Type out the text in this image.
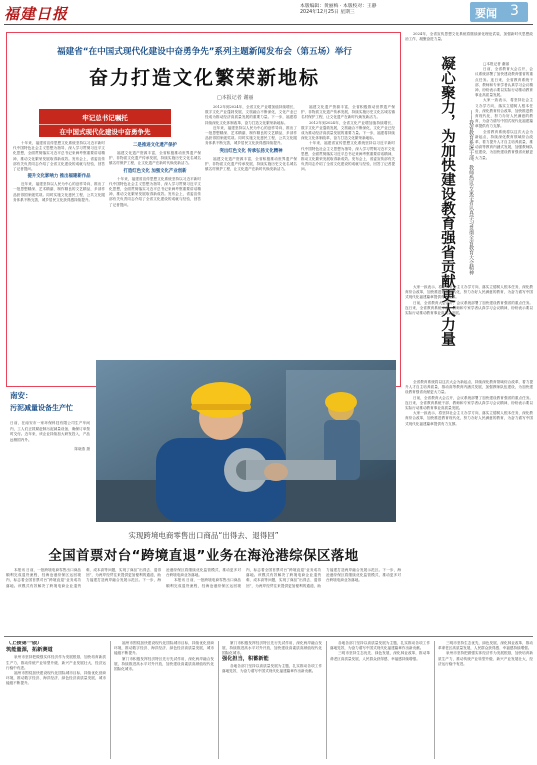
福建日报	本版编辑：黄丽梅 · 本版校对：王静
2024年12月25日 星期三	要闻 3
福建省“在中国式现代化建设中奋勇争先”系列主题新闻发布会（第五场）举行
奋力打造文化繁荣新地标
□本报记者 谢丽
牢记总书记嘱托
在中国式现代化建设中奋勇争先

十年来，福建省宣传思想文化系统坚持以习近平新时代中国特色社会主义思想为指导，深入学习贯彻习近平文化思想，全面贯彻落实习近平总书记来闽考察重要讲话精神，推动文化繁荣发展取得新成效。发布会上，省委宣传部有关负责同志介绍了全省文化建设的成就与经验，回答了记者提问。

提升文化影响力 推出福建新作品

近年来，福建坚持以人民为中心的创作导向，推出了一批思想精深、艺术精湛、制作精良的文艺精品，多部作品获得国家级奖项。同时实施文化惠民工程，公共文化服务体系不断完善，城乡居民文化获得感持续提升。

二是推进文化遗产保护

福建文化遗产资源丰富，全省积极推动世界遗产保护、非物质文化遗产传承发展，持续实施历史文化名城名镇名村保护工程，让文化遗产在新时代焕发新活力。

打造红色文化 加强文化产业创新

十年来，福建省宣传思想文化系统坚持以习近平新时代中国特色社会主义思想为指导，深入学习贯彻习近平文化思想，全面贯彻落实习近平总书记来闽考察重要讲话精神，推动文化繁荣发展取得新成效。发布会上，省委宣传部有关负责同志介绍了全省文化建设的成就与经验，回答了记者提问。

2012年到2024年，全省文化产业增加值持续增长，数字文化产业蓬勃发展，文旅融合不断深化，文化产业已经成为推动经济高质量发展的重要力量。下一步，福建将持续深化文化体制改革，奋力打造文化繁荣新地标。

近年来，福建坚持以人民为中心的创作导向，推出了一批思想精深、艺术精湛、制作精良的文艺精品，多部作品获得国家级奖项。同时实施文化惠民工程，公共文化服务体系不断完善，城乡居民文化获得感持续提升。

突出红色文化 传承弘扬文化精神

福建文化遗产资源丰富，全省积极推动世界遗产保护、非物质文化遗产传承发展，持续实施历史文化名城名镇名村保护工程，让文化遗产在新时代焕发新活力。

福建文化遗产资源丰富，全省积极推动世界遗产保护、非物质文化遗产传承发展，持续实施历史文化名城名镇名村保护工程，让文化遗产在新时代焕发新活力。

2012年到2024年，全省文化产业增加值持续增长，数字文化产业蓬勃发展，文旅融合不断深化，文化产业已经成为推动经济高质量发展的重要力量。下一步，福建将持续深化文化体制改革，奋力打造文化繁荣新地标。

十年来，福建省宣传思想文化系统坚持以习近平新时代中国特色社会主义思想为指导，深入学习贯彻习近平文化思想，全面贯彻落实习近平总书记来闽考察重要讲话精神，推动文化繁荣发展取得新成效。发布会上，省委宣传部有关负责同志介绍了全省文化建设的成就与经验，回答了记者提问。

2024年，全省宣传思想文化系统将继续深化理论武装，加强新时代思想政治工作，凝聚奋进力量。

凝心聚力，为加快建设教育强省贡献更大力量	——我省教育系统干部、教师热议专家学者认真学习贯彻全省教育大会精神

□本报记者 谢丽

日前，全省教育大会召开，会议系统部署了加快建设教育强省的重点任务。连日来，全省教育系统干部、教师和专家学者认真学习会议精神，纷纷表示要以实际行动推动教育事业高质量发展。

大家一致表示，将坚持社会主义办学方向，落实立德树人根本任务，深化教育综合改革，加快推进教育现代化，努力办好人民满意的教育，为奋力谱写中国式现代化福建篇章提供有力支撑。

全省教育系统将以这次大会为新起点，持续深化教育领域综合改革，着力提升人才自主培养质量，推动高等教育内涵式发展，加强教师队伍建设，为加快建设教育强省贡献更大力量。

大家一致表示，将坚持社会主义办学方向，落实立德树人根本任务，深化教育综合改革，加快推进教育现代化，努力办好人民满意的教育，为奋力谱写中国式现代化福建篇章提供有力支撑。

日前，全省教育大会召开，会议系统部署了加快建设教育强省的重点任务。连日来，全省教育系统干部、教师和专家学者认真学习会议精神，纷纷表示要以实际行动推动教育事业高质量发展。

全省教育系统将以这次大会为新起点，持续深化教育领域综合改革，着力提升人才自主培养质量，推动高等教育内涵式发展，加强教师队伍建设，为加快建设教育强省贡献更大力量。

日前，全省教育大会召开，会议系统部署了加快建设教育强省的重点任务。连日来，全省教育系统干部、教师和专家学者认真学习会议精神，纷纷表示要以实际行动推动教育事业高质量发展。

大家一致表示，将坚持社会主义办学方向，落实立德树人根本任务，深化教育综合改革，加快推进教育现代化，努力办好人民满意的教育，为奋力谱写中国式现代化福建篇章提供有力支撑。

南安：
污泥减量设备生产忙
日前，在南安市一家环保科技有限公司生产车间内，工人们正抓紧赶制污泥减量设备，确保订单按时交付。近年来，该企业持续加大研发投入，产品远销国内外。
陈晓燕 摄
实现跨境电商零售出口商品“出得去、退得回”
全国首票对台“跨境直退”业务在海沧港综保区落地

本报讯 日前，一批跨境电商零售出口商品顺利完成退货流程，经海沧港综保区运回境内，标志着全国首票对台“跨境直退”业务成功落地。该模式有效解决了跨境电商企业退货难、成本高等问题，实现了商品“出得去、退得回”，为两岸经贸往来提供更加便利的通道，助力福建打造两岸融合发展示范区。下一步，海沧港综保区将继续优化监管模式，推动更多对台跨境电商业务落地。

本报讯 日前，一批跨境电商零售出口商品顺利完成退货流程，经海沧港综保区运回境内，标志着全国首票对台“跨境直退”业务成功落地。该模式有效解决了跨境电商企业退货难、成本高等问题，实现了商品“出得去、退得回”，为两岸经贸往来提供更加便利的通道，助力福建打造两岸融合发展示范区。下一步，海沧港综保区将继续优化监管模式，推动更多对台跨境电商业务落地。

（上接第一版）
筑能量源，拓新赛道

泉州市坚持把做强实体经济作为发展根基，加快培育新质生产力，推动传统产业转型升级、新兴产业发展壮大，经济运行稳中有进。

福州市围绕加快建设现代化国际城市目标，持续优化营商环境，推动数字经济、海洋经济、绿色经济高质量发展，城市能级不断提升。

福州市围绕加快建设现代化国际城市目标，持续优化营商环境，推动数字经济、海洋经济、绿色经济高质量发展，城市能级不断提升。

厦门市积极发挥经济特区先行先试作用，深化两岸融合发展，持续推进高水平对外开放，加快建设高素质高颜值现代化国际化城市。

厦门市积极发挥经济特区先行先试作用，深化两岸融合发展，持续推进高水平对外开放，加快建设高素质高颜值现代化国际化城市。

强化担当，积蓄新能

各地各部门坚持以高质量发展为主题，扎实推动各项工作落地见效，为奋力谱写中国式现代化福建篇章作出新贡献。

各地各部门坚持以高质量发展为主题，扎实推动各项工作落地见效，为奋力谱写中国式现代化福建篇章作出新贡献。

三明市坚持生态优先、绿色发展，深化林业改革，推动革命老区高质量发展，人民群众获得感、幸福感持续增强。

三明市坚持生态优先、绿色发展，深化林业改革，推动革命老区高质量发展，人民群众获得感、幸福感持续增强。

泉州市坚持把做强实体经济作为发展根基，加快培育新质生产力，推动传统产业转型升级、新兴产业发展壮大，经济运行稳中有进。
